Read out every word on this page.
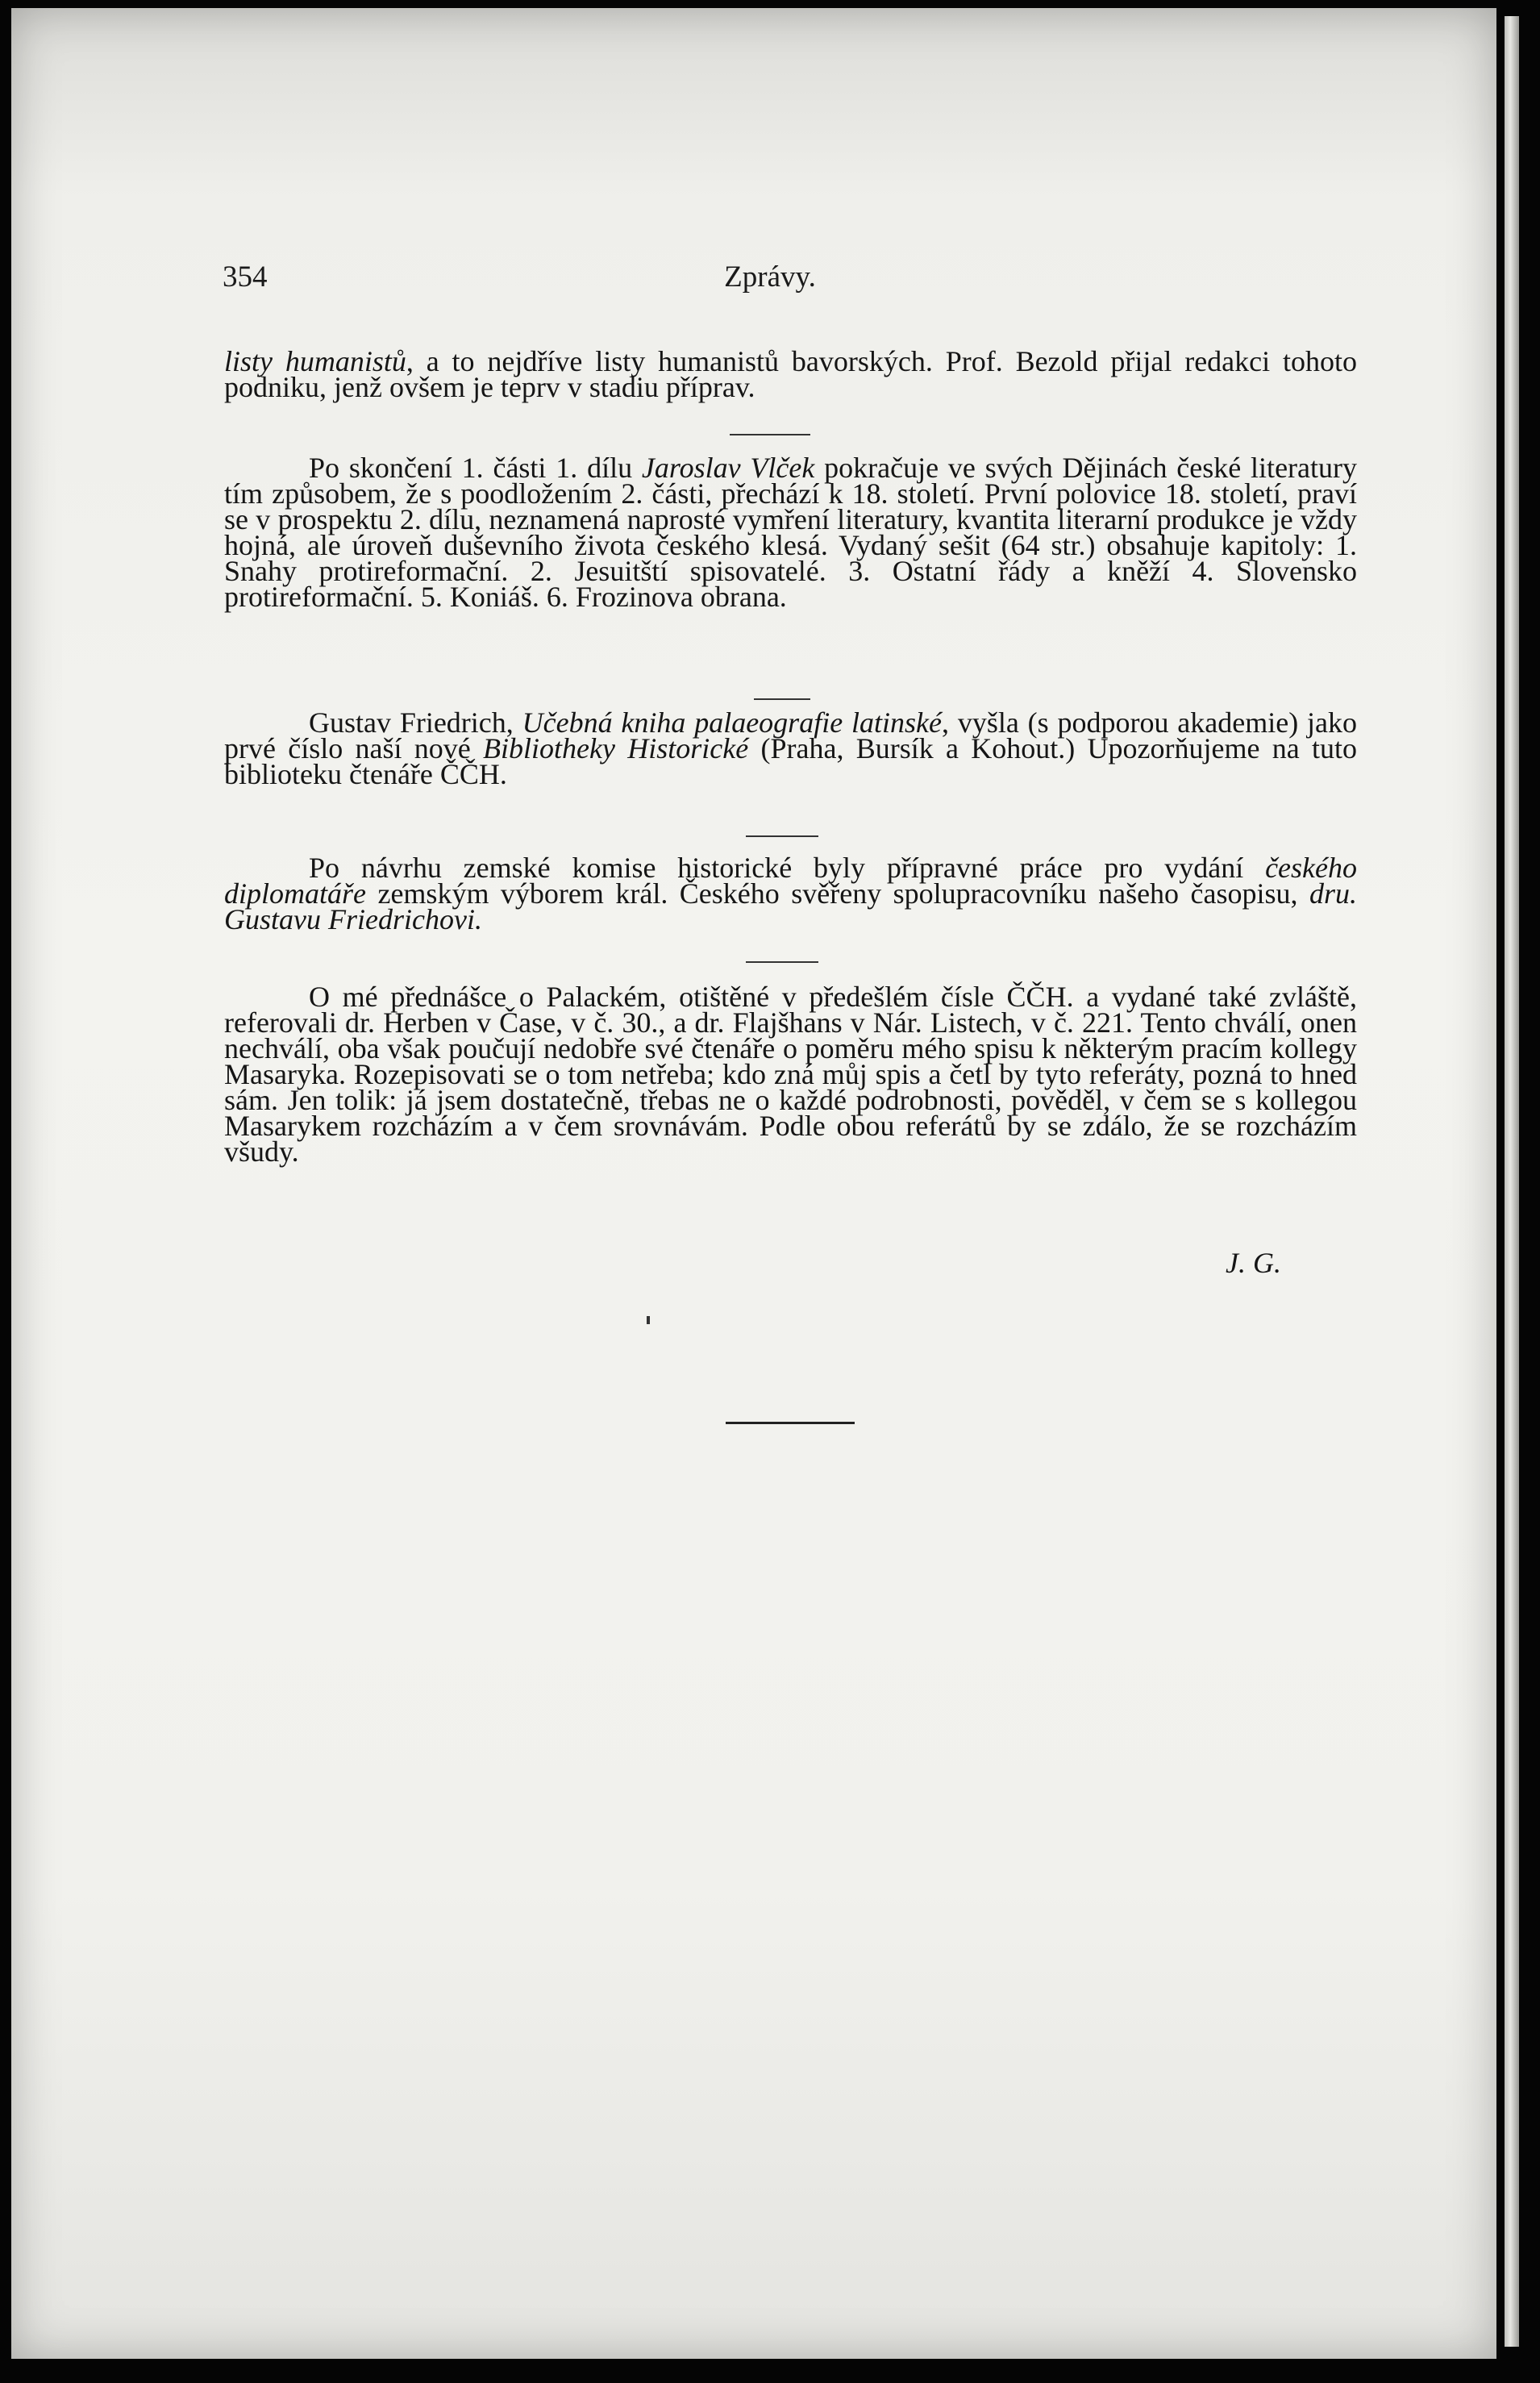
354	Zprávy.

listy humanistů, a to nejdříve listy humanistů bavorských. Prof. Bezold přijal redakci tohoto podniku, jenž ovšem je teprv v stadiu příprav.

Po skončení 1. části 1. dílu Jaroslav Vlček pokračuje ve svých Dějinách české literatury tím způsobem, že s poodložením 2. části, přechází k 18. století. První polovice 18. století, praví se v prospektu 2. dílu, neznamená naprosté vymření literatury, kvantita literarní produkce je vždy hojná, ale úroveň duševního života českého klesá. Vydaný sešit (64 str.) obsahuje kapitoly: 1. Snahy protireformační. 2. Jesuitští spisovatelé. 3. Ostatní řády a kněží 4. Slovensko protireformační. 5. Koniáš. 6. Frozinova obrana.

Gustav Friedrich, Učebná kniha palaeografie latinské, vyšla (s podporou akademie) jako prvé číslo naší nové Bibliotheky Historické (Praha, Bursík a Kohout.) Upozorňujeme na tuto biblioteku čtenáře ČČH.

Po návrhu zemské komise historické byly přípravné práce pro vydání českého diplomatáře zemským výborem král. Českého svěřeny spolupracovníku našeho časopisu, dru. Gustavu Friedrichovi.

O mé přednášce o Palackém, otištěné v předešlém čísle ČČH. a vydané také zvláště, referovali dr. Herben v Čase, v č. 30., a dr. Flajšhans v Nár. Listech, v č. 221. Tento chválí, onen nechválí, oba však poučují nedobře své čtenáře o poměru mého spisu k některým pracím kollegy Masaryka. Rozepisovati se o tom netřeba; kdo zná můj spis a četl by tyto referáty, pozná to hned sám. Jen tolik: já jsem dostatečně, třebas ne o každé podrobnosti, pověděl, v čem se s kollegou Masarykem rozcházím a v čem srovnávám. Podle obou referátů by se zdálo, že se rozcházím všudy.

J. G.
